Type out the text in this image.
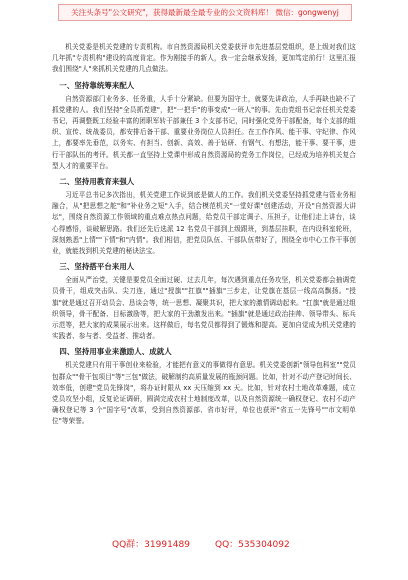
关注头条号"公文研究"，获得最新最全最专业的公文资料库！ 微信：gongwenyj

机关党委是机关党建的专责机构。市自然资源局机关党委获评市先进基层党组织，是上级对我们这几年抓"专责机构"建设的高度肯定。作为刚接手的新人，我一定会继承发扬，更加笃定前行！这里汇报我们围绕"人"来抓机关党建的几点做法。

一、坚持靠统筹来配人

自然资源部门业务多、任务重，人手十分紧缺。但要为国守土，就要先讲政治，人手再缺也缺不了抓党建的人。我们坚持"全员抓党建"，把"一把手"的事变成"一班人"的事。先由党组书记亲任机关党委书记，再调整既工经验丰富的团职军转干部兼任 3 个支部书记，同时强化党务干部配备，每个支部的组织、宣传、统战委员，都安排后备干部、重要业务岗位人员担任。在工作作风、能干事、守纪律、作风上，都要率先垂范，以务实、有担当、创新、高效、善于钻研、有钢气、有想法，能干事、要干事，进行干部队伍的考评。机关都一直坚持上党课中形成自然资源局的党务工作岗位，已经成为培养机关复合型人才的重要平台。

二、坚持用教育来强人

习近平总书记多次指出，机关党建工作说到底是做人的工作。我们机关党委坚持抓党建与管业务相融合，从"把思想之舵"和"补业务之短"入手，结合模范机关"一堂好课"创建活动，开设"自然资源大讲坛"，围绕自然资源工作领域的重点难点热点问题，给党员干部定调子、压担子，让他们走上讲台，谈心得感悟，谈破解思路。我们还先后选派 12 名党员干部到上级跟班，到基层挂职，在内设科室轮班，深刻熟悉"上情""下情"和"内情"。我们相信，把党员队伍、干部队伍带好了，围绕全市中心工作干事创业，就能找到机关党建的秘诀法宝。

三、坚持搭平台来用人

全面从严治党，关键是要党员全面过硬、过去几年，每次遇到重点任务攻坚，机关党委都会抽调党员骨干，组成突击队、尖刀连，通过"授旗""扛旗""插旗"三步走，让党旗在基层一线高高飘扬。"授旗"就是通过召开动员会、恳谈会等，统一思想、凝聚共识，把大家的激情调动起来。"扛旗"就是通过组织领导，骨干配备、目标激励等，把大家的干劲激发出来。"插旗"就是通过政治挂帅、领导带头、标兵示范等，把大家的成果展示出来。这样做后，每名党员都得到了锻炼和提高。更加自觉成为机关党建的实践者、参与者、受益者、推动者。

四、坚持用事业来激励人、成就人

机关党建只有用干事创业来检验，才能把有意义的事做得有意思。机关党委创新"领导包科室""党员包群众""骨干包项目"等"三包"做法，破解制约高质量发展的瓶颈问题。比如，针对不动产登记时间长、效率低，创建"党员先锋岗"，将办证时限从 xx 天压缩到 xx 天。比如，针对农村土地改革难题，成立党员攻坚小组，反复论证调研，圆满完成农村土地制度改革，以及自然资源统一确权登记、农村不动产确权登记等 3 个"国字号"改革，受到自然资源部、省市好评，单位也获评"省五一先锋号""市文明单位"等荣誉。

QQ群：31991489	QQ：535304092
